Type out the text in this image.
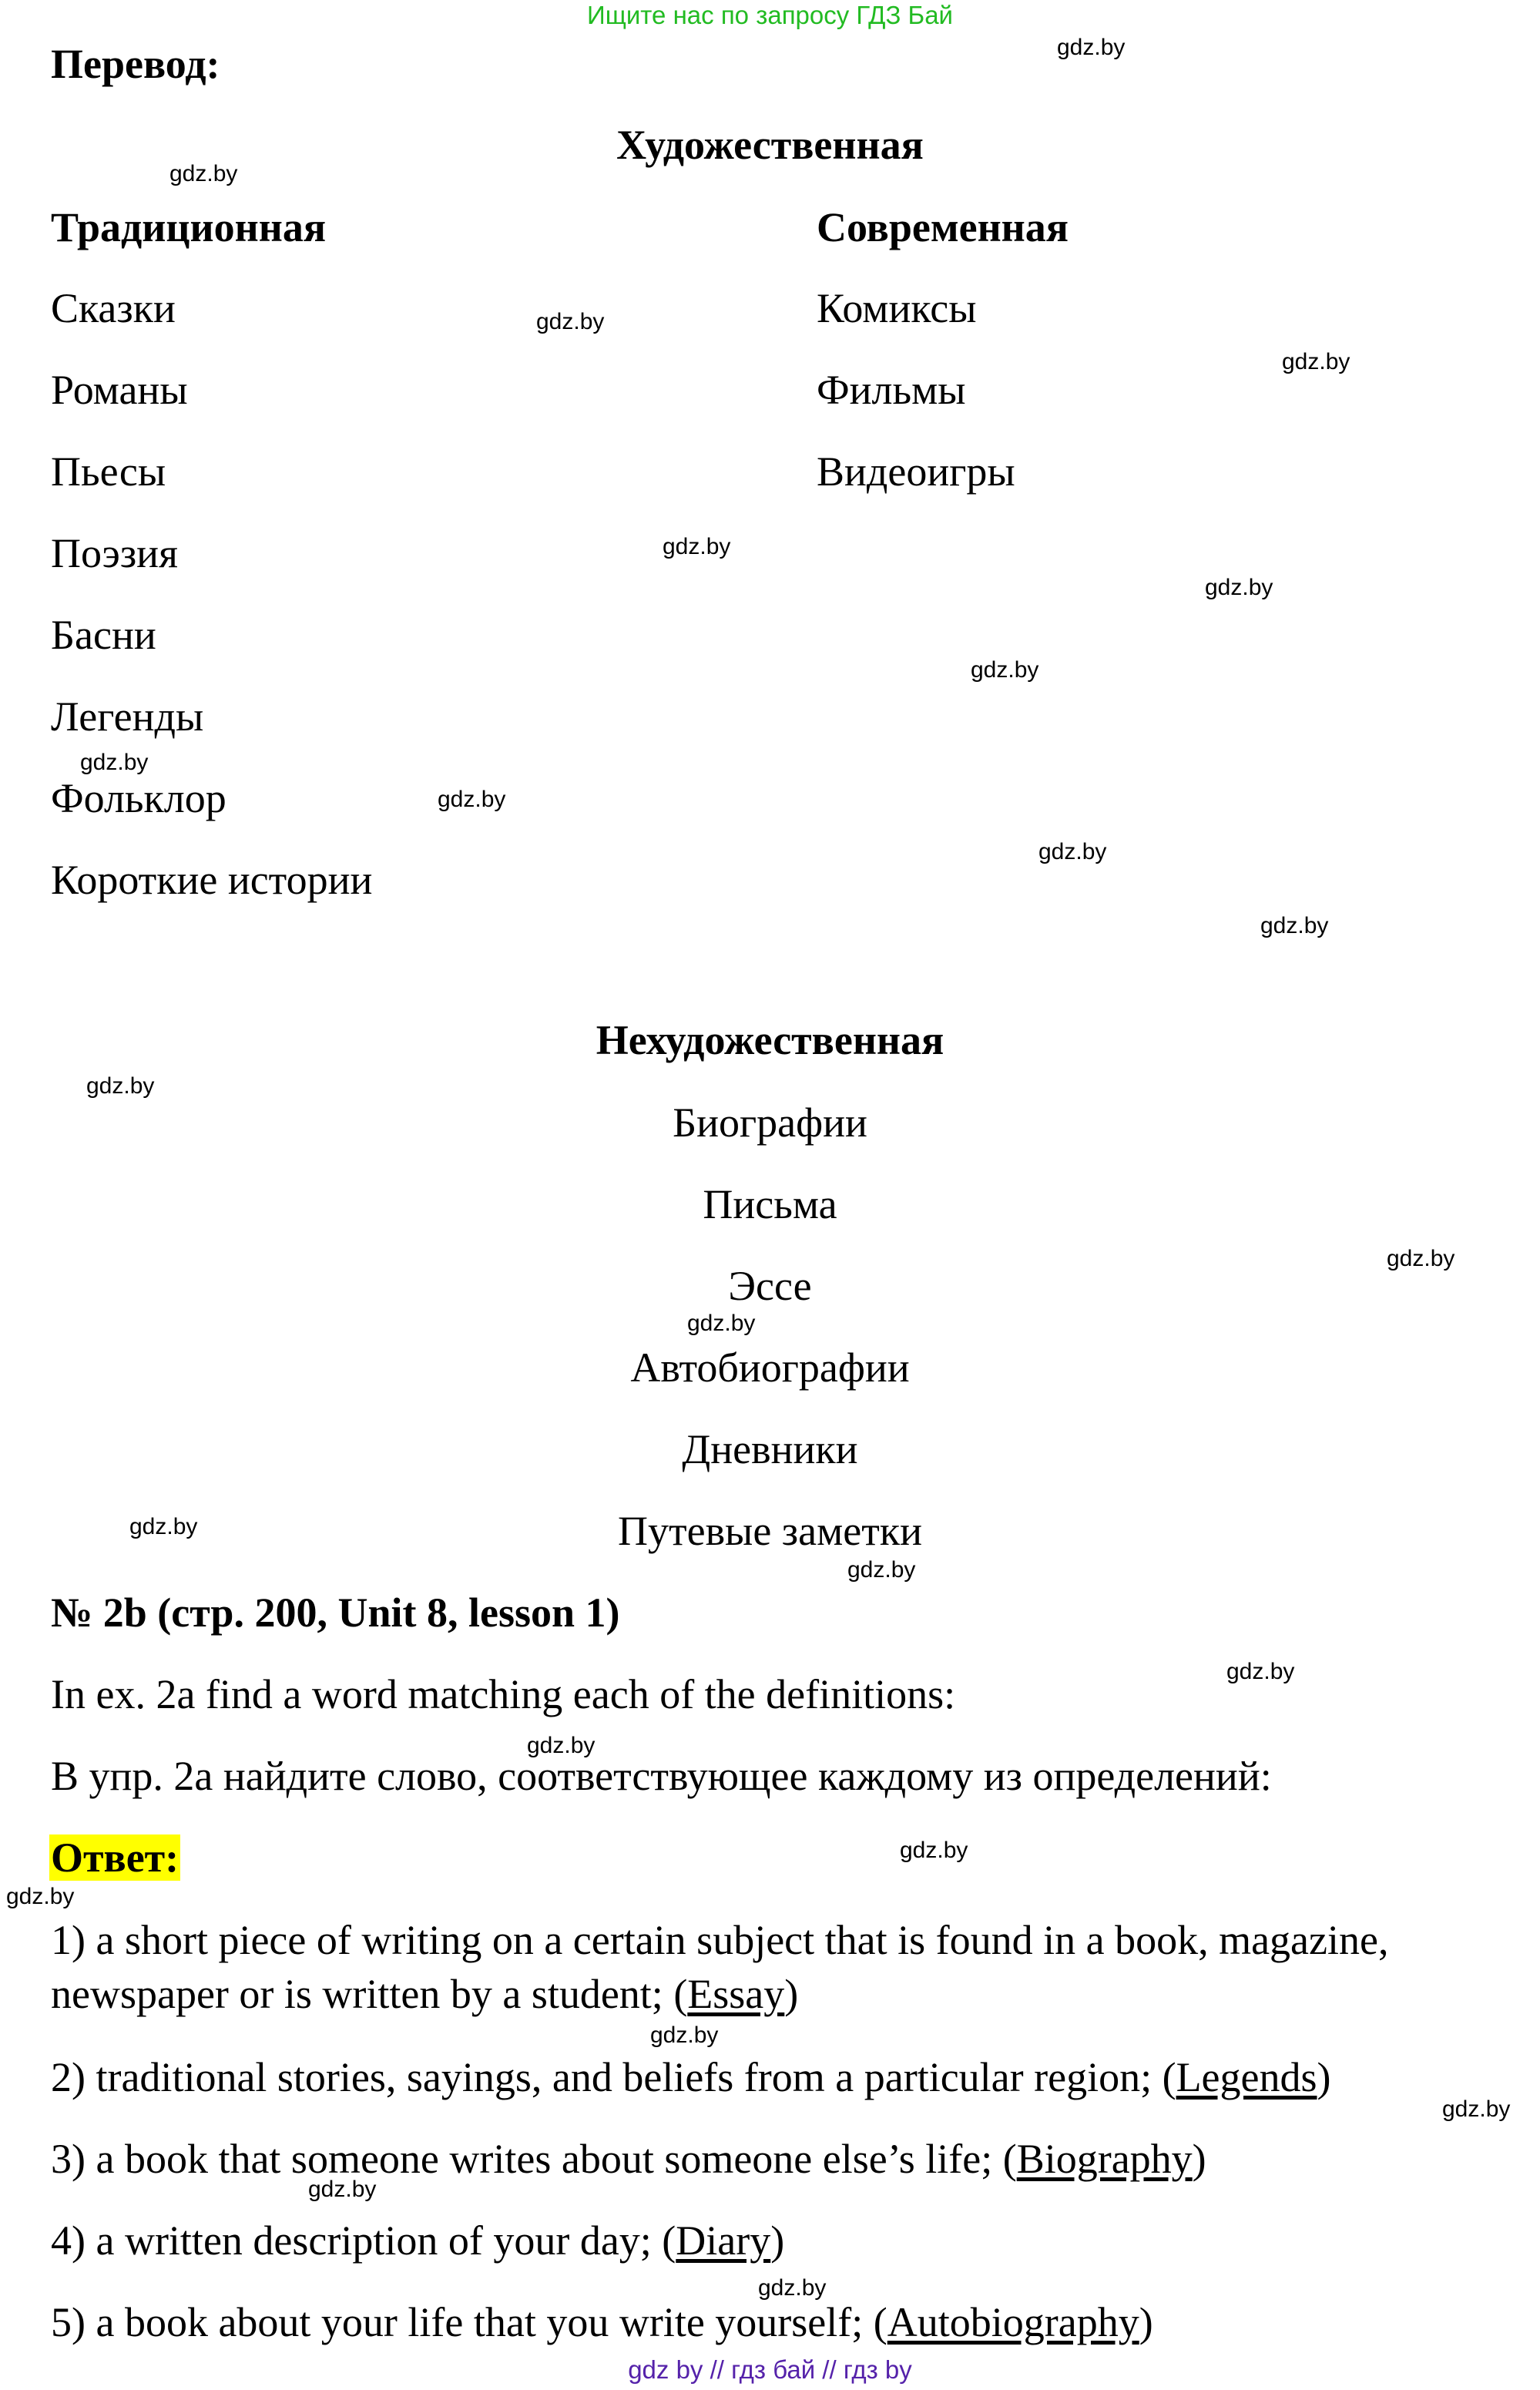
Ищите нас по запросу ГДЗ Бай
Перевод:
Художественная
Традиционная	Современная
Сказки
Романы
Пьесы
Поэзия
Басни
Легенды
Фольклор
Короткие истории
Комиксы
Фильмы
Видеоигры
Нехудожественная
Биографии
Письма
Эссе
Автобиографии
Дневники
Путевые заметки
№ 2b (стр. 200, Unit 8, lesson 1)
In ex. 2a find a word matching each of the definitions:
В упр. 2a найдите слово, соответствующее каждому из определений:
Ответ:
1) a short piece of writing on a certain subject that is found in a book, magazine, newspaper or is written by a student; (Essay)
2) traditional stories, sayings, and beliefs from a particular region; (Legends)
3) a book that someone writes about someone else’s life; (Biography)
4) a written description of your day; (Diary)
5) a book about your life that you write yourself; (Autobiography)
gdz.by
gdz.by
gdz.by
gdz.by
gdz.by
gdz.by
gdz.by
gdz.by
gdz.by
gdz.by
gdz.by
gdz.by
gdz.by
gdz.by
gdz.by
gdz.by
gdz.by
gdz.by
gdz.by
gdz.by
gdz.by
gdz.by
gdz.by
gdz.by
gdz by // гдз бай // гдз by
